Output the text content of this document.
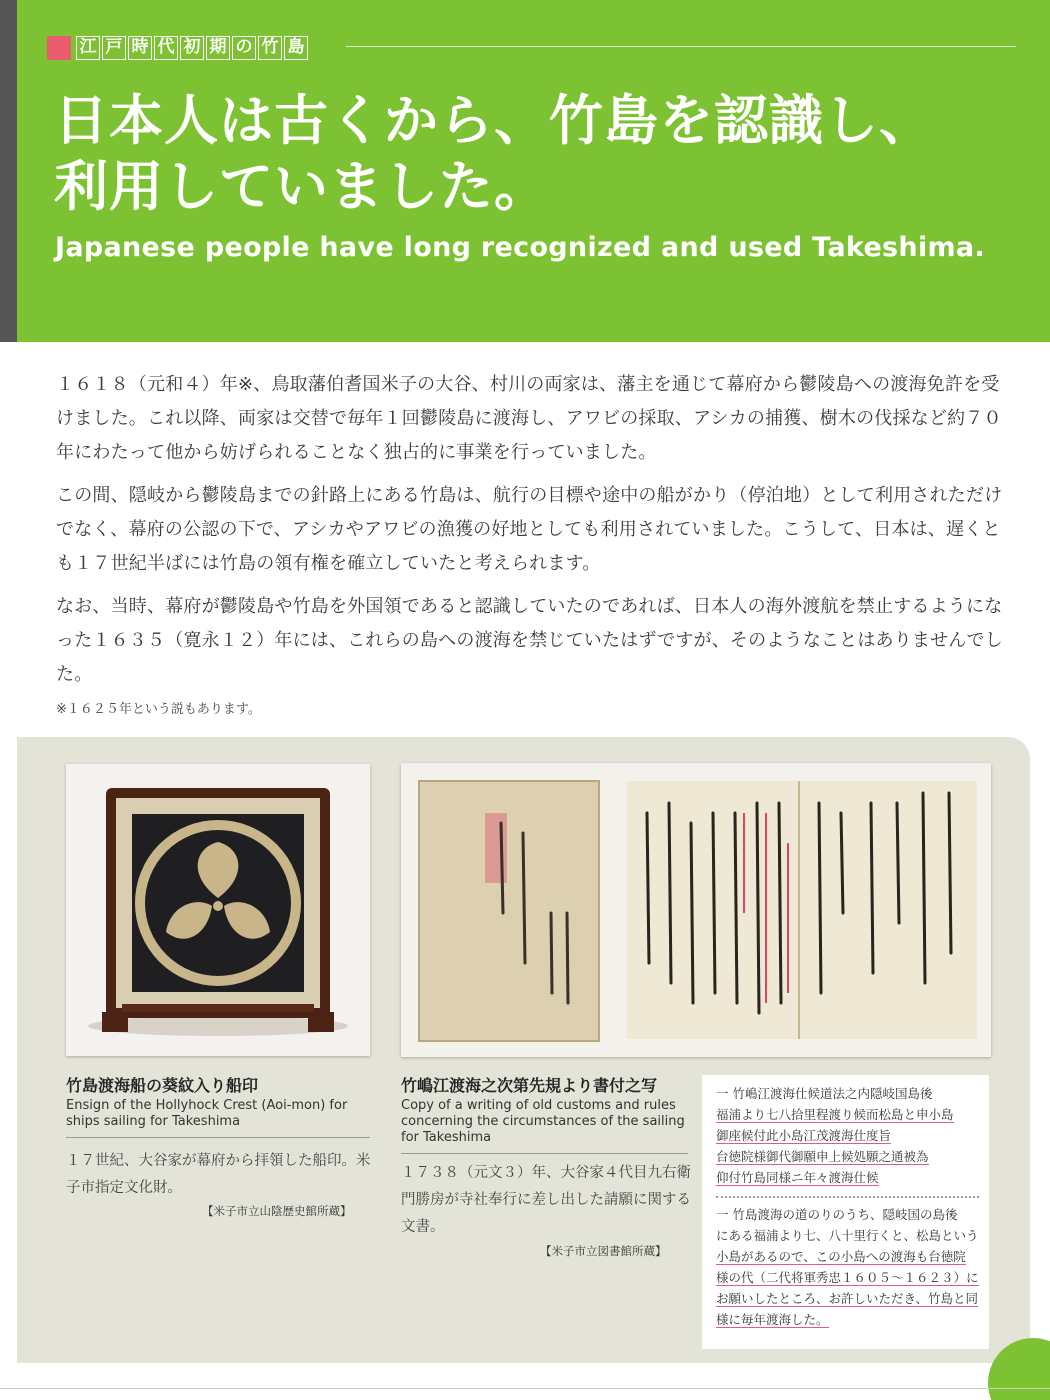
江 戸 時 代 初 期 の 竹 島
日本人は古くから、竹島を認識し、
利用していました。
Japanese people have long recognized and used Takeshima.

１６１８（元和４）年※、鳥取藩伯耆国米子の大谷、村川の両家は、藩主を通じて幕府から鬱陵島への渡海免許を受けました。これ以降、両家は交替で毎年１回鬱陵島に渡海し、アワビの採取、アシカの捕獲、樹木の伐採など約７０年にわたって他から妨げられることなく独占的に事業を行っていました。

この間、隠岐から鬱陵島までの針路上にある竹島は、航行の目標や途中の船がかり（停泊地）として利用されただけでなく、幕府の公認の下で、アシカやアワビの漁獲の好地としても利用されていました。こうして、日本は、遅くとも１７世紀半ばには竹島の領有権を確立していたと考えられます。

なお、当時、幕府が鬱陵島や竹島を外国領であると認識していたのであれば、日本人の海外渡航を禁止するようになった１６３５（寛永１２）年には、これらの島への渡海を禁じていたはずですが、そのようなことはありませんでした。

※１６２５年という説もあります。
竹島渡海船の葵紋入り船印
Ensign of the Hollyhock Crest (Aoi-mon) for ships sailing for Takeshima
１７世紀、大谷家が幕府から拝領した船印。米子市指定文化財。
【米子市立山陰歴史館所蔵】
竹嶋江渡海之次第先規より書付之写
Copy of a writing of old customs and rules concerning the circumstances of the sailing for Takeshima
１７３８（元文３）年、大谷家４代目九右衛門勝房が寺社奉行に差し出した請願に関する文書。
【米子市立図書館所蔵】
一 竹嶋江渡海仕候道法之内隠岐国島後
福浦より七八拾里程渡り候而松島と申小島
御座候付此小島江茂渡海仕度旨
台徳院様御代御願申上候処願之通被為
仰付竹島同様ニ年々渡海仕候
一 竹島渡海の道のりのうち、隠岐国の島後
にある福浦より七、八十里行くと、松島という
小島があるので、この小島への渡海も台徳院
様の代（二代将軍秀忠１６０５〜１６２３）に
お願いしたところ、お許しいただき、竹島と同
様に毎年渡海した。
